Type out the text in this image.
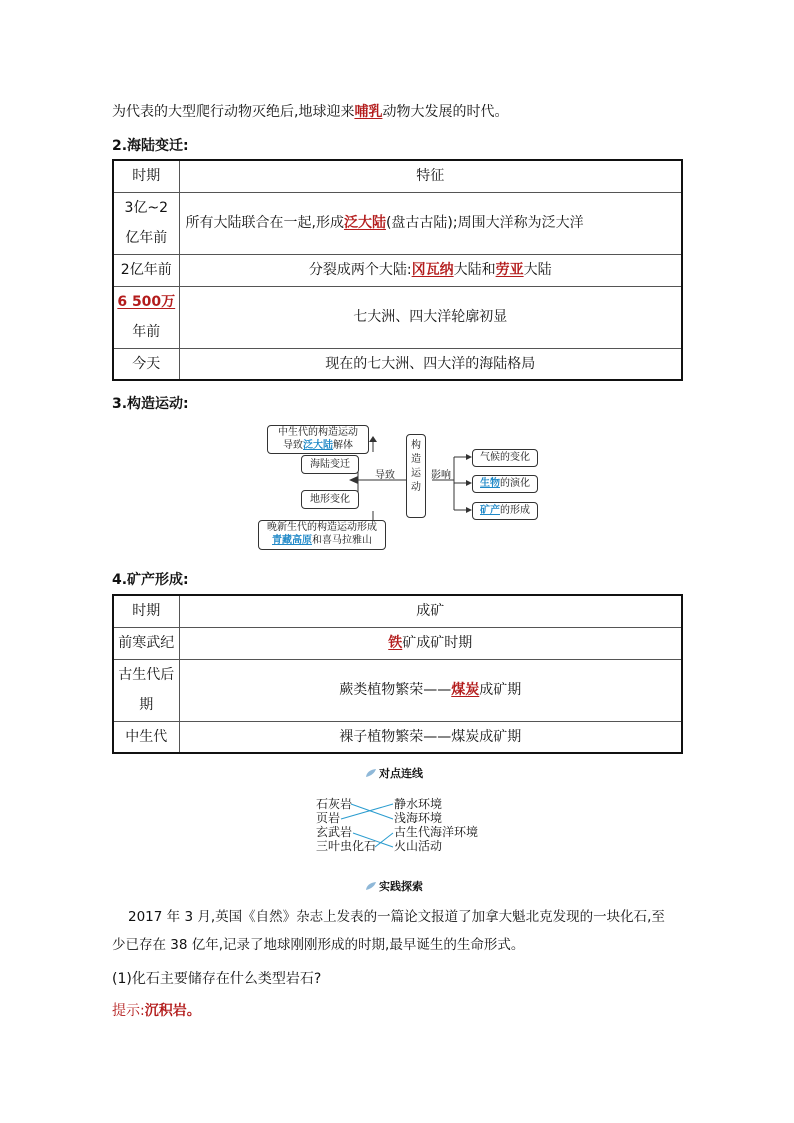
为代表的大型爬行动物灭绝后,地球迎来哺乳动物大发展的时代。
2.海陆变迁:
时期	特征
3亿~2亿年前	所有大陆联合在一起,形成泛大陆(盘古古陆);周围大洋称为泛大洋
2亿年前	分裂成两个大陆:冈瓦纳大陆和劳亚大陆
6 500万年前	七大洲、四大洋轮廓初显
今天	现在的七大洲、四大洋的海陆格局
3.构造运动:
中生代的构造运动
导致泛大陆解体
海陆变迁
地形变化
导致
构造运动
影响
气候的变化
生物的演化
矿产的形成
晚新生代的构造运动形成
青藏高原和喜马拉雅山
4.矿产形成:
时期	成矿
前寒武纪	铁矿成矿时期
古生代后期	蕨类植物繁荣——煤炭成矿期
中生代	裸子植物繁荣——煤炭成矿期
对点连线
石灰岩
页岩
玄武岩
三叶虫化石
静水环境
浅海环境
古生代海洋环境
火山活动
实践探索
2017 年 3 月,英国《自然》杂志上发表的一篇论文报道了加拿大魁北克发现的一块化石,至
少已存在 38 亿年,记录了地球刚刚形成的时期,最早诞生的生命形式。
(1)化石主要储存在什么类型岩石?
提示:沉积岩。
